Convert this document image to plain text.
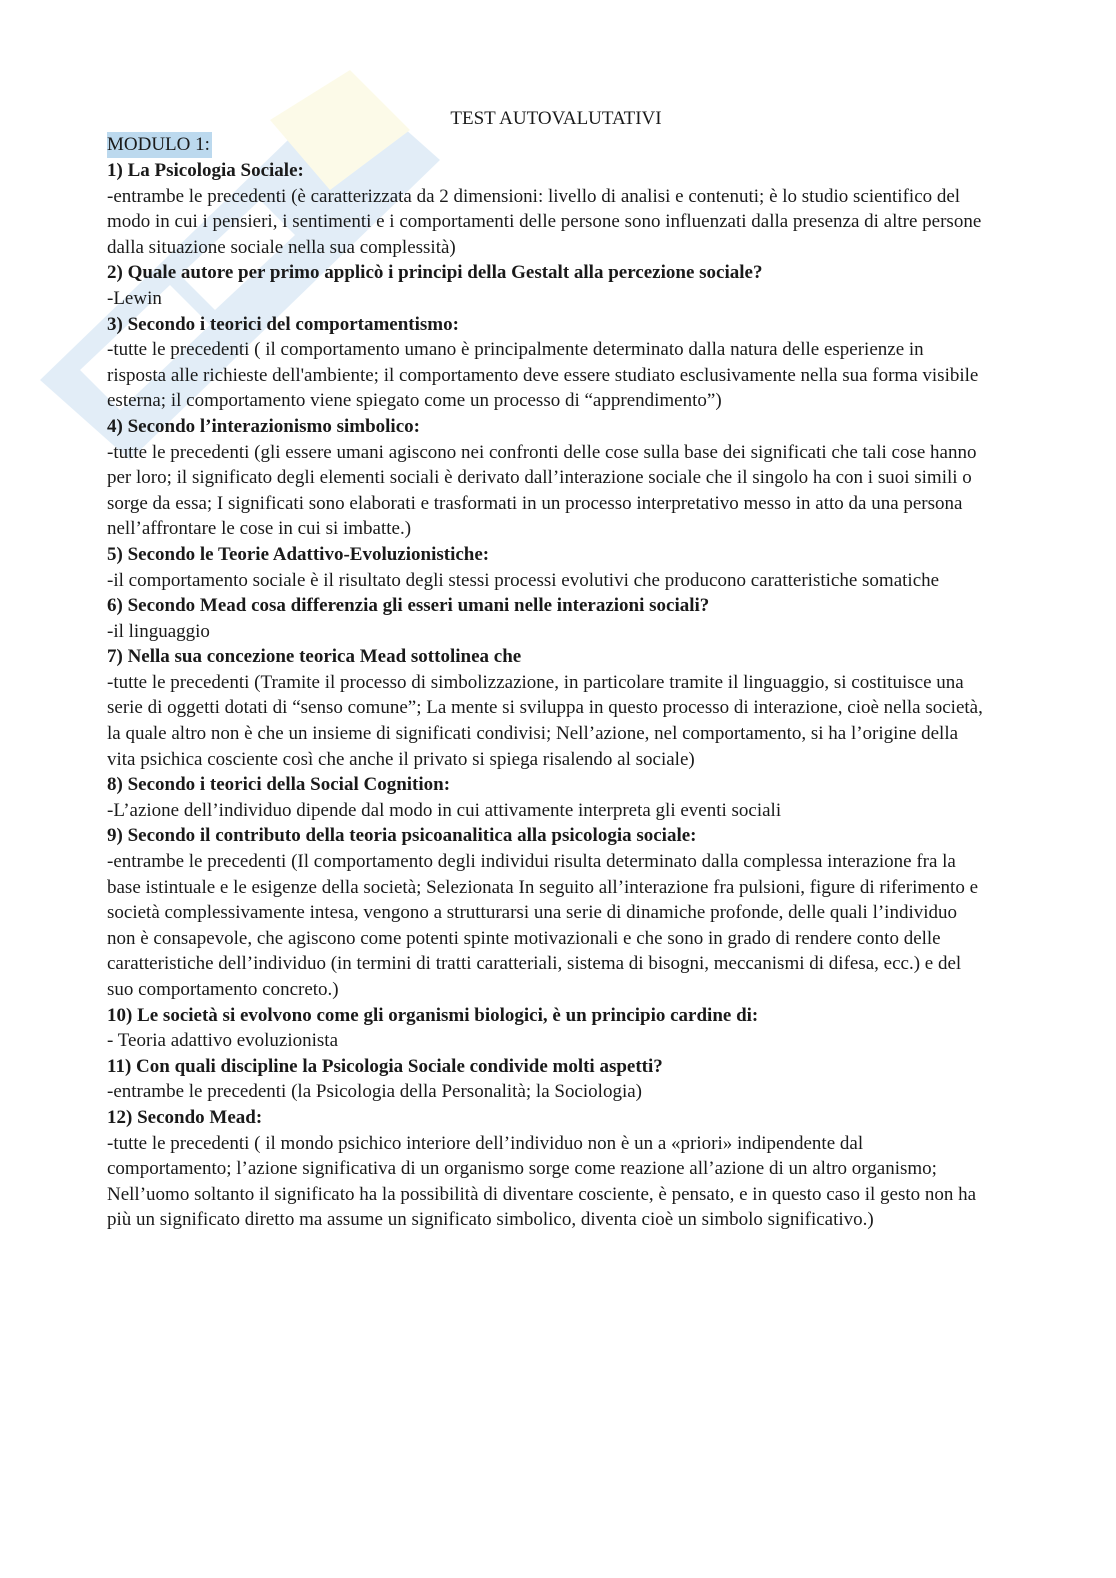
TEST AUTOVALUTATIVI
MODULO 1:
1) La Psicologia Sociale:
-entrambe le precedenti (è caratterizzata da 2 dimensioni: livello di analisi e contenuti; è lo studio scientifico del modo in cui i pensieri, i sentimenti e i comportamenti delle persone sono influenzati dalla presenza di altre persone dalla situazione sociale nella sua complessità)
2) Quale autore per primo applicò i principi della Gestalt alla percezione sociale?
-Lewin
3) Secondo i teorici del comportamentismo:
-tutte le precedenti ( il comportamento umano è principalmente determinato dalla natura delle esperienze in risposta alle richieste dell'ambiente; il comportamento deve essere studiato esclusivamente nella sua forma visibile esterna; il comportamento viene spiegato come un processo di “apprendimento”)
4) Secondo l’interazionismo simbolico:
-tutte le precedenti (gli essere umani agiscono nei confronti delle cose sulla base dei significati che tali cose hanno per loro; il significato degli elementi sociali è derivato dall’interazione sociale che il singolo ha con i suoi simili o sorge da essa; I significati sono elaborati e trasformati in un processo interpretativo messo in atto da una persona nell’affrontare le cose in cui si imbatte.)
5) Secondo le Teorie Adattivo-Evoluzionistiche:
-il comportamento sociale è il risultato degli stessi processi evolutivi che producono caratteristiche somatiche
6) Secondo Mead cosa differenzia gli esseri umani nelle interazioni sociali?
-il linguaggio
7) Nella sua concezione teorica Mead sottolinea che
-tutte le precedenti (Tramite il processo di simbolizzazione, in particolare tramite il linguaggio, si costituisce una serie di oggetti dotati di “senso comune”; La mente si sviluppa in questo processo di interazione, cioè nella società, la quale altro non è che un insieme di significati condivisi; Nell’azione, nel comportamento, si ha l’origine della vita psichica cosciente così che anche il privato si spiega risalendo al sociale)
8) Secondo i teorici della Social Cognition:
-L’azione dell’individuo dipende dal modo in cui attivamente interpreta gli eventi sociali
9) Secondo il contributo della teoria psicoanalitica alla psicologia sociale:
-entrambe le precedenti (Il comportamento degli individui risulta determinato dalla complessa interazione fra la base istintuale e le esigenze della società; Selezionata In seguito all’interazione fra pulsioni, figure di riferimento e società complessivamente intesa, vengono a strutturarsi una serie di dinamiche profonde, delle quali l’individuo non è consapevole, che agiscono come potenti spinte motivazionali e che sono in grado di rendere conto delle caratteristiche dell’individuo (in termini di tratti caratteriali, sistema di bisogni, meccanismi di difesa, ecc.) e del suo comportamento concreto.)
10) Le società si evolvono come gli organismi biologici, è un principio cardine di:
- Teoria adattivo evoluzionista
11) Con quali discipline la Psicologia Sociale condivide molti aspetti?
-entrambe le precedenti (la Psicologia della Personalità; la Sociologia)
12) Secondo Mead:
-tutte le precedenti ( il mondo psichico interiore dell’individuo non è un a «priori» indipendente dal comportamento; l’azione significativa di un organismo sorge come reazione all’azione di un altro organismo; Nell’uomo soltanto il significato ha la possibilità di diventare cosciente, è pensato, e in questo caso il gesto non ha più un significato diretto ma assume un significato simbolico, diventa cioè un simbolo significativo.)
